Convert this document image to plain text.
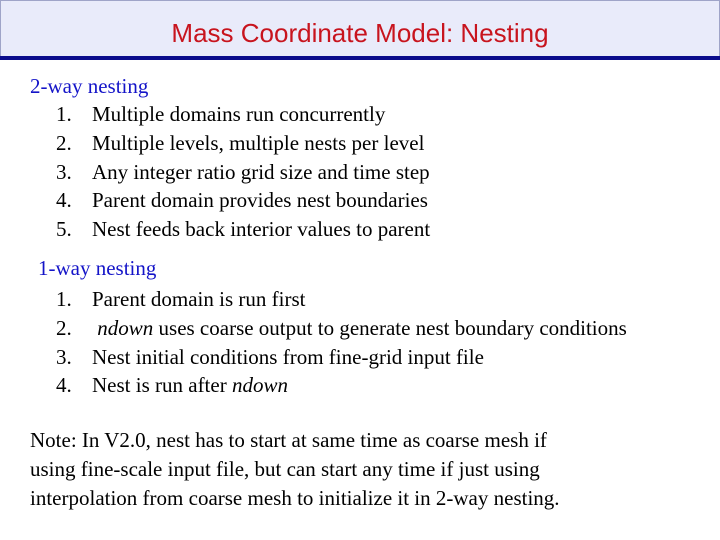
Mass Coordinate Model: Nesting
2-way nesting
1. Multiple domains run concurrently
2. Multiple levels, multiple nests per level
3. Any integer ratio grid size and time step
4. Parent domain provides nest boundaries
5. Nest feeds back interior values to parent
1-way nesting
1. Parent domain is run first
2. ndown uses coarse output to generate nest boundary conditions
3. Nest initial conditions from fine-grid input file
4. Nest is run after ndown
Note: In V2.0, nest has to start at same time as coarse mesh if
using fine-scale input file, but can start any time if just using
interpolation from coarse mesh to initialize it in 2-way nesting.
